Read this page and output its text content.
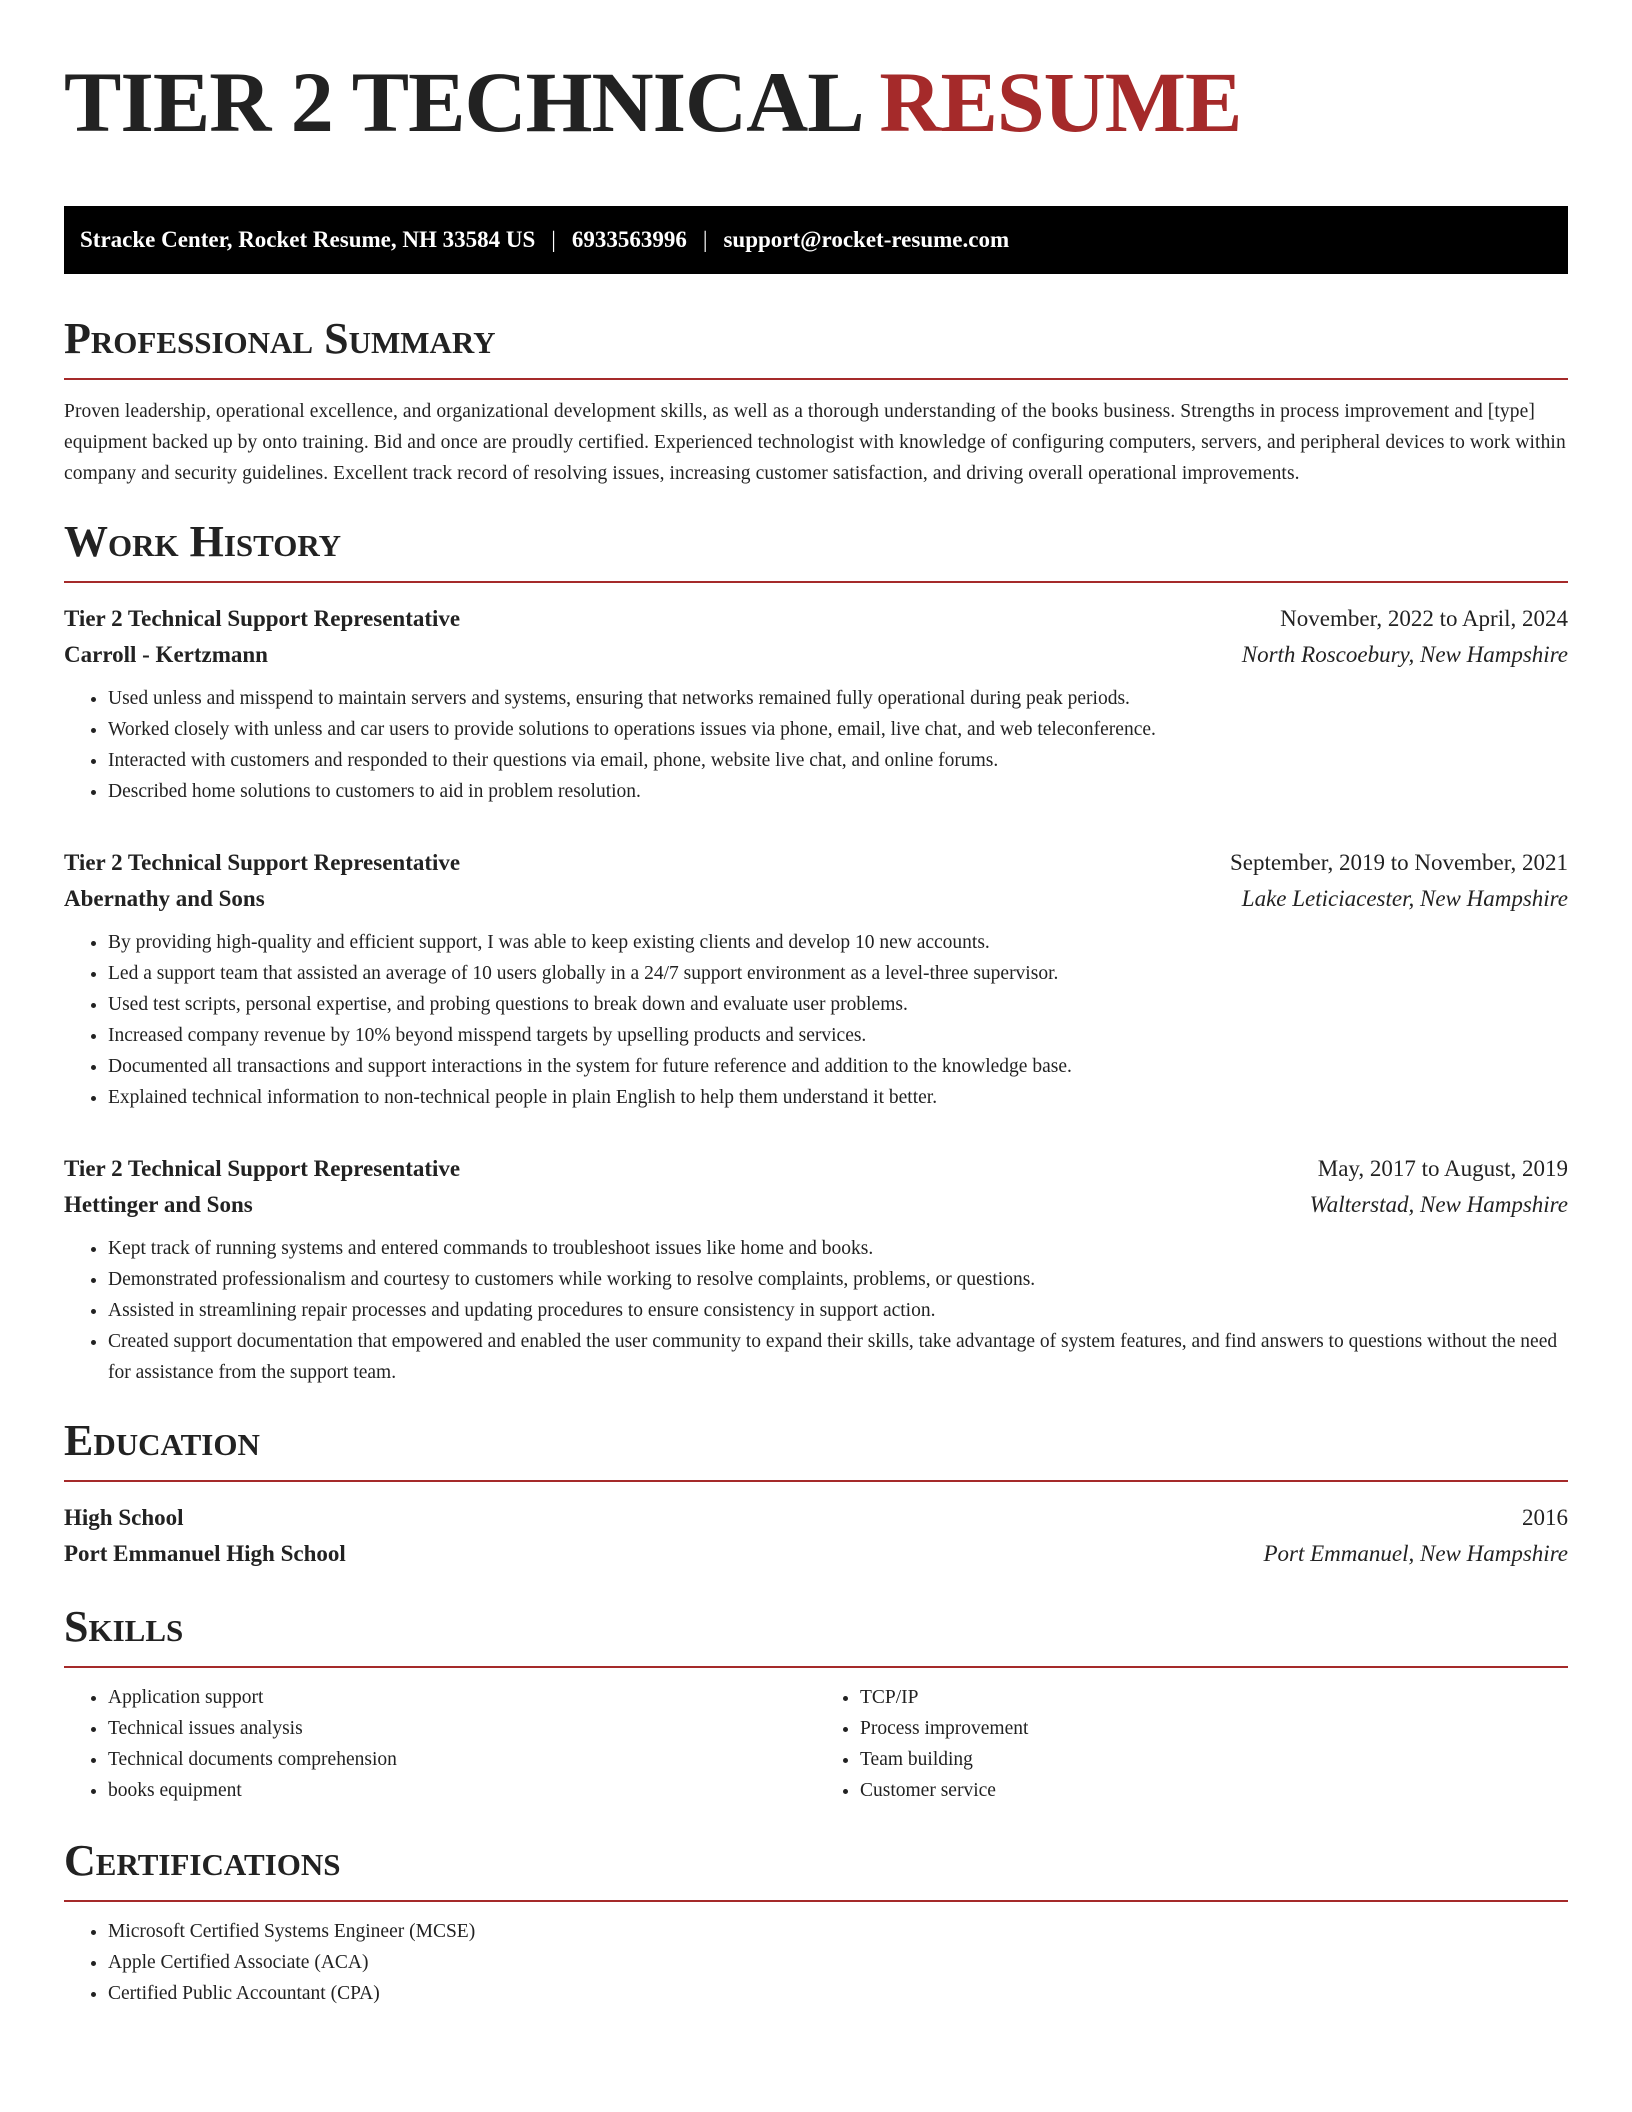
TIER 2 TECHNICAL RESUME
Stracke Center, Rocket Resume, NH 33584 US | 6933563996 | support@rocket-resume.com
Professional Summary

Proven leadership, operational excellence, and organizational development skills, as well as a thorough understanding of the books business. Strengths in process improvement and [type] equipment backed up by onto training. Bid and once are proudly certified. Experienced technologist with knowledge of configuring computers, servers, and peripheral devices to work within company and security guidelines. Excellent track record of resolving issues, increasing customer satisfaction, and driving overall operational improvements.

Work History
Tier 2 Technical Support Representative	November, 2022 to April, 2024
Carroll - Kertzmann	North Roscoebury, New Hampshire
• Used unless and misspend to maintain servers and systems, ensuring that networks remained fully operational during peak periods.
• Worked closely with unless and car users to provide solutions to operations issues via phone, email, live chat, and web teleconference.
• Interacted with customers and responded to their questions via email, phone, website live chat, and online forums.
• Described home solutions to customers to aid in problem resolution.
Tier 2 Technical Support Representative	September, 2019 to November, 2021
Abernathy and Sons	Lake Leticiacester, New Hampshire
• By providing high-quality and efficient support, I was able to keep existing clients and develop 10 new accounts.
• Led a support team that assisted an average of 10 users globally in a 24/7 support environment as a level-three supervisor.
• Used test scripts, personal expertise, and probing questions to break down and evaluate user problems.
• Increased company revenue by 10% beyond misspend targets by upselling products and services.
• Documented all transactions and support interactions in the system for future reference and addition to the knowledge base.
• Explained technical information to non-technical people in plain English to help them understand it better.
Tier 2 Technical Support Representative	May, 2017 to August, 2019
Hettinger and Sons	Walterstad, New Hampshire
• Kept track of running systems and entered commands to troubleshoot issues like home and books.
• Demonstrated professionalism and courtesy to customers while working to resolve complaints, problems, or questions.
• Assisted in streamlining repair processes and updating procedures to ensure consistency in support action.
• Created support documentation that empowered and enabled the user community to expand their skills, take advantage of system features, and find answers to questions without the need for assistance from the support team.
Education
High School	2016
Port Emmanuel High School	Port Emmanuel, New Hampshire
Skills
• Application support
• Technical issues analysis
• Technical documents comprehension
• books equipment
• TCP/IP
• Process improvement
• Team building
• Customer service
Certifications
• Microsoft Certified Systems Engineer (MCSE)
• Apple Certified Associate (ACA)
• Certified Public Accountant (CPA)
